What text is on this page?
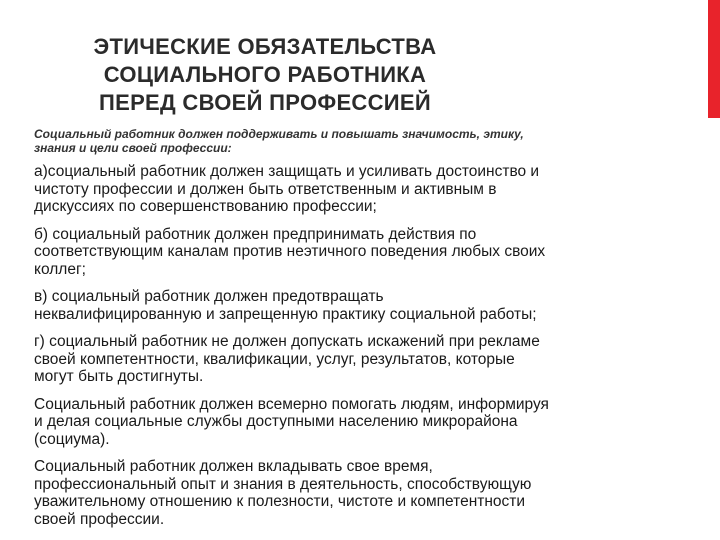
ЭТИЧЕСКИЕ ОБЯЗАТЕЛЬСТВА
СОЦИАЛЬНОГО РАБОТНИКА
ПЕРЕД СВОЕЙ ПРОФЕССИЕЙ
Социальный работник должен поддерживать и повышать значимость, этику,
знания и цели своей профессии:
а)социальный работник должен защищать и усиливать достоинство и
чистоту профессии и должен быть ответственным и активным в
дискуссиях по совершенствованию профессии;
б) социальный работник должен предпринимать действия по
соответствующим каналам против неэтичного поведения любых своих
коллег;
в) социальный работник должен предотвращать
неквалифицированную и запрещенную практику социальной работы;
г) социальный работник не должен допускать искажений при рекламе
своей компетентности, квалификации, услуг, результатов, которые
могут быть достигнуты.
Социальный работник должен всемерно помогать людям, информируя
и делая социальные службы доступными населению микрорайона
(социума).
Социальный работник должен вкладывать свое время,
профессиональный опыт и знания в деятельность, способствующую
уважительному отношению к полезности, чистоте и компетентности
своей профессии.
